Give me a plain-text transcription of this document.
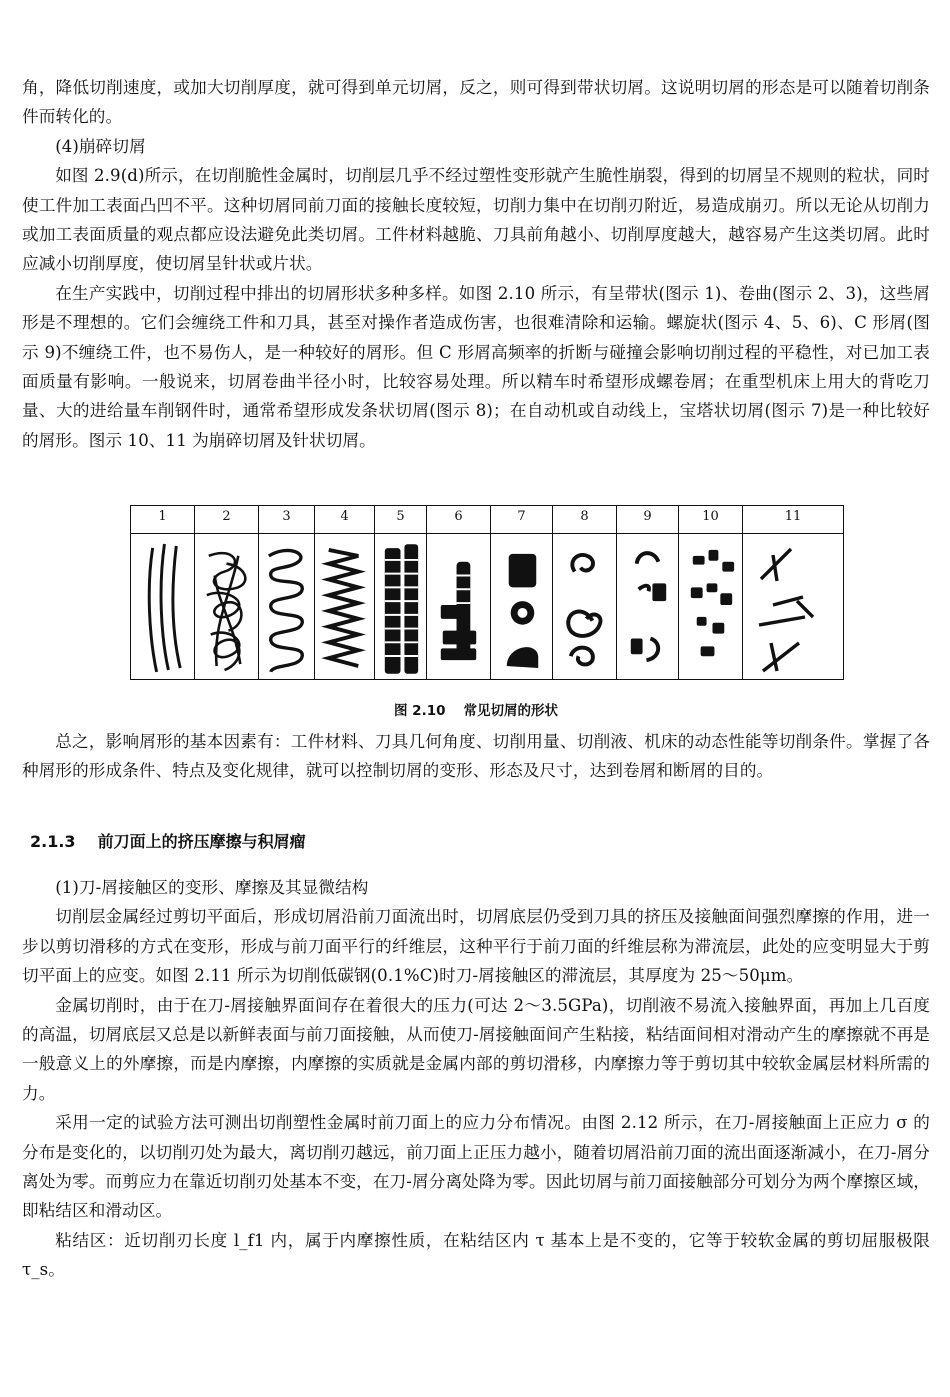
角，降低切削速度，或加大切削厚度，就可得到单元切屑，反之，则可得到带状切屑。这说明切屑的形态是可以随着切削条件而转化的。

(4)崩碎切屑

如图 2.9(d)所示，在切削脆性金属时，切削层几乎不经过塑性变形就产生脆性崩裂，得到的切屑呈不规则的粒状，同时使工件加工表面凸凹不平。这种切屑同前刀面的接触长度较短，切削力集中在切削刃附近，易造成崩刃。所以无论从切削力或加工表面质量的观点都应设法避免此类切屑。工件材料越脆、刀具前角越小、切削厚度越大，越容易产生这类切屑。此时应减小切削厚度，使切屑呈针状或片状。

在生产实践中，切削过程中排出的切屑形状多种多样。如图 2.10 所示，有呈带状(图示 1)、卷曲(图示 2、3)，这些屑形是不理想的。它们会缠绕工件和刀具，甚至对操作者造成伤害，也很难清除和运输。螺旋状(图示 4、5、6)、C 形屑(图示 9)不缠绕工件，也不易伤人，是一种较好的屑形。但 C 形屑高频率的折断与碰撞会影响切削过程的平稳性，对已加工表面质量有影响。一般说来，切屑卷曲半径小时，比较容易处理。所以精车时希望形成螺卷屑；在重型机床上用大的背吃刀量、大的进给量车削钢件时，通常希望形成发条状切屑(图示 8)；在自动机或自动线上，宝塔状切屑(图示 7)是一种比较好的屑形。图示 10、11 为崩碎切屑及针状切屑。

1	2	3	4	5	6	7	8	9	10	11
图 2.10 常见切屑的形状

总之，影响屑形的基本因素有：工件材料、刀具几何角度、切削用量、切削液、机床的动态性能等切削条件。掌握了各种屑形的形成条件、特点及变化规律，就可以控制切屑的变形、形态及尺寸，达到卷屑和断屑的目的。

2.1.3 前刀面上的挤压摩擦与积屑瘤

(1)刀-屑接触区的变形、摩擦及其显微结构

切削层金属经过剪切平面后，形成切屑沿前刀面流出时，切屑底层仍受到刀具的挤压及接触面间强烈摩擦的作用，进一步以剪切滑移的方式在变形，形成与前刀面平行的纤维层，这种平行于前刀面的纤维层称为滞流层，此处的应变明显大于剪切平面上的应变。如图 2.11 所示为切削低碳钢(0.1%C)时刀-屑接触区的滞流层，其厚度为 25～50μm。

金属切削时，由于在刀-屑接触界面间存在着很大的压力(可达 2～3.5GPa)，切削液不易流入接触界面，再加上几百度的高温，切屑底层又总是以新鲜表面与前刀面接触，从而使刀-屑接触面间产生粘接，粘结面间相对滑动产生的摩擦就不再是一般意义上的外摩擦，而是内摩擦，内摩擦的实质就是金属内部的剪切滑移，内摩擦力等于剪切其中较软金属层材料所需的力。

采用一定的试验方法可测出切削塑性金属时前刀面上的应力分布情况。由图 2.12 所示，在刀-屑接触面上正应力 σ 的分布是变化的，以切削刃处为最大，离切削刃越远，前刀面上正压力越小，随着切屑沿前刀面的流出面逐渐减小，在刀-屑分离处为零。而剪应力在靠近切削刃处基本不变，在刀-屑分离处降为零。因此切屑与前刀面接触部分可划分为两个摩擦区域，即粘结区和滑动区。

粘结区：近切削刃长度 l_f1 内，属于内摩擦性质，在粘结区内 τ 基本上是不变的，它等于较软金属的剪切屈服极限 τ_s。
